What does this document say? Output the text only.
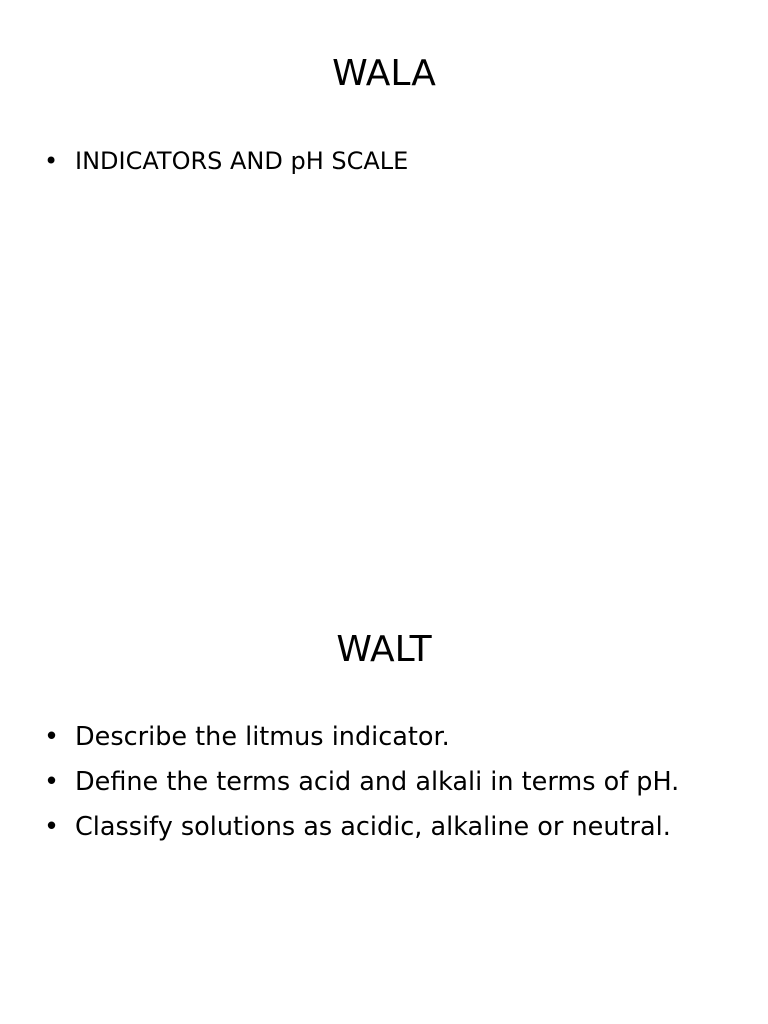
WALA
• INDICATORS AND pH SCALE
WALT
• Describe the litmus indicator.
• Define the terms acid and alkali in terms of pH.
• Classify solutions as acidic, alkaline or neutral.
